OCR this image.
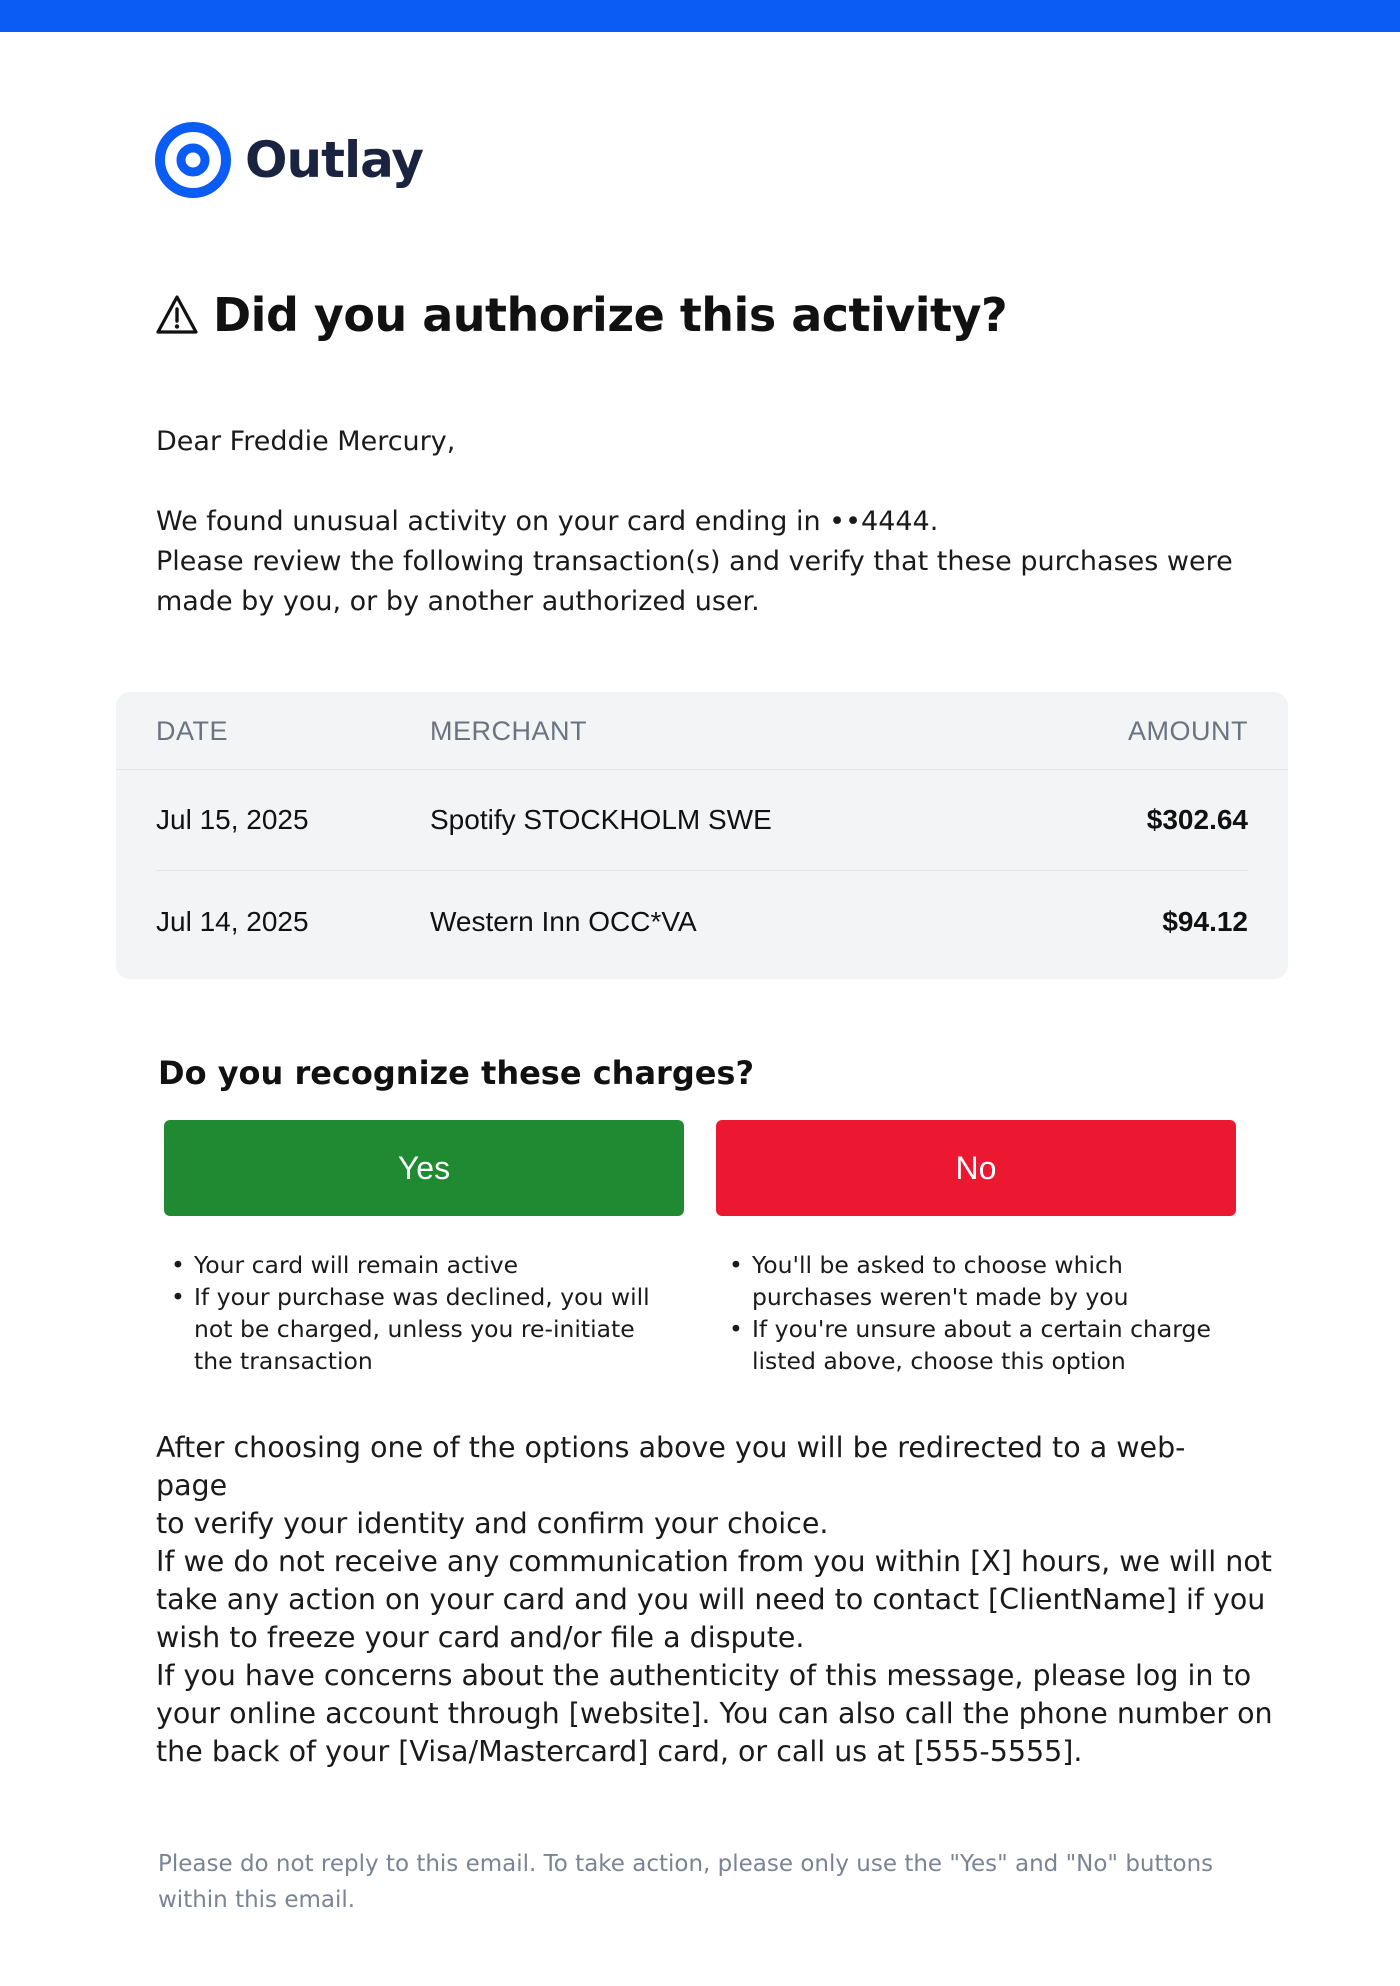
Outlay
Did you authorize this activity?
Dear Freddie Mercury,
We found unusual activity on your card ending in ••4444.
Please review the following transaction(s) and verify that these purchases were
made by you, or by another authorized user.
DATE	MERCHANT	AMOUNT
Jul 15, 2025	Spotify STOCKHOLM SWE	$302.64
Jul 14, 2025	Western Inn OCC*VA	$94.12
Do you recognize these charges?
Yes	No
• Your card will remain active
• If your purchase was declined, you will not be charged, unless you re-initiate the transaction
• You'll be asked to choose which purchases weren't made by you
• If you're unsure about a certain charge listed above, choose this option
After choosing one of the options above you will be redirected to a web-page
to verify your identity and confirm your choice.
If we do not receive any communication from you within [X] hours, we will not
take any action on your card and you will need to contact [ClientName] if you
wish to freeze your card and/or file a dispute.
If you have concerns about the authenticity of this message, please log in to
your online account through [website]. You can also call the phone number on
the back of your [Visa/Mastercard] card, or call us at [555-5555].
Please do not reply to this email. To take action, please only use the "Yes" and "No" buttons within this email.
